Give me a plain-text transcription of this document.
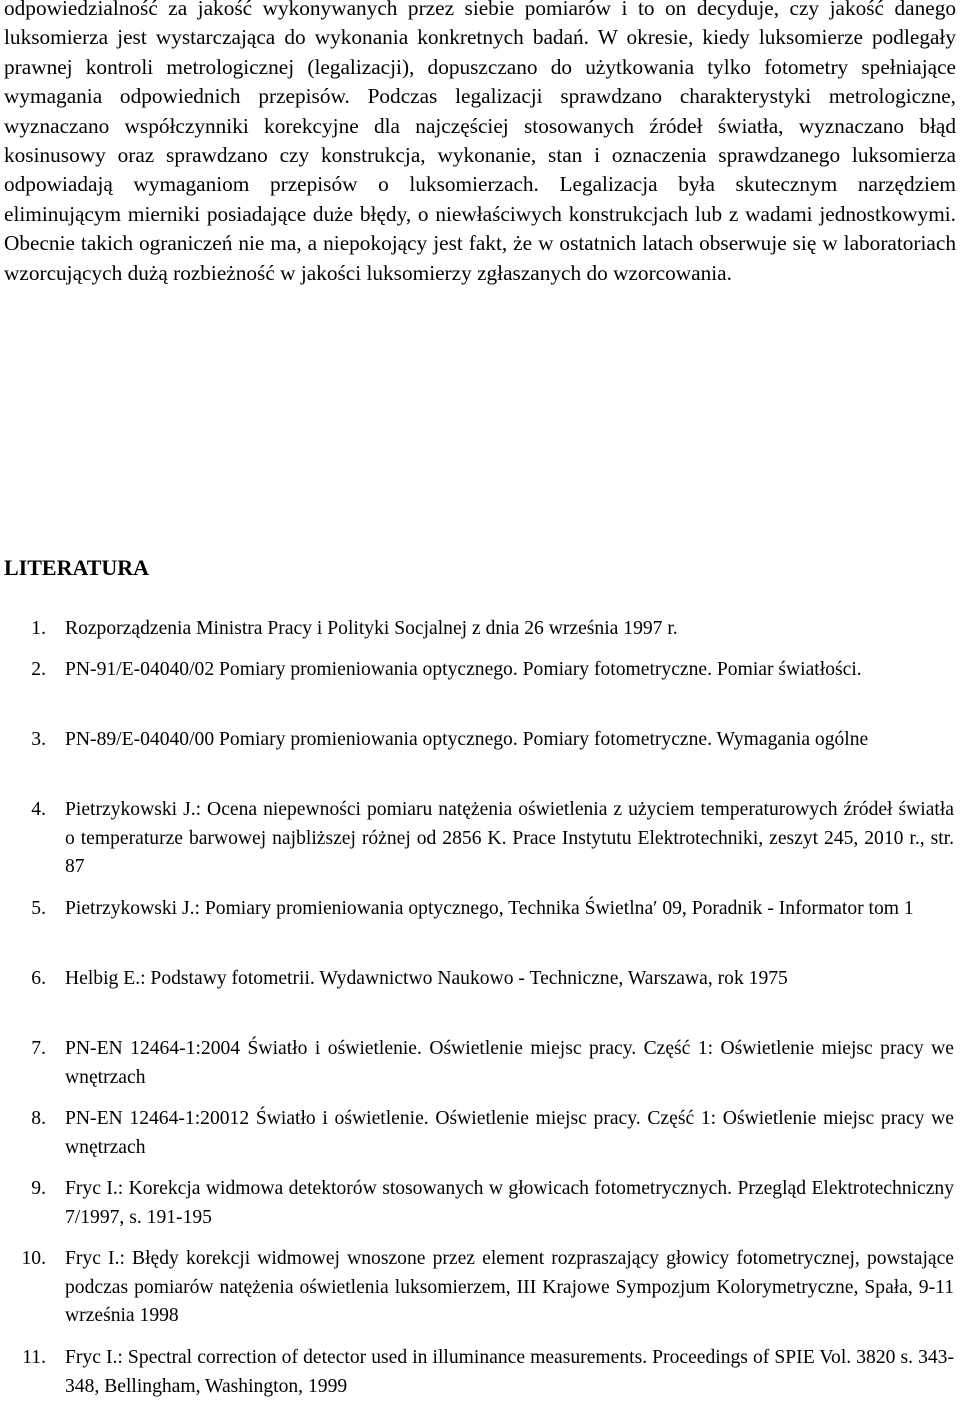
odpowiedzialność za jakość wykonywanych przez siebie pomiarów i to on decyduje, czy jakość danego luksomierza jest wystarczająca do wykonania konkretnych badań. W okresie, kiedy luksomierze podlegały prawnej kontroli metrologicznej (legalizacji), dopuszczano do użytkowania tylko fotometry spełniające wymagania odpowiednich przepisów. Podczas legalizacji sprawdzano charakterystyki metrologiczne, wyznaczano współczynniki korekcyjne dla najczęściej stosowanych źródeł światła, wyznaczano błąd kosinusowy oraz sprawdzano czy konstrukcja, wykonanie, stan i oznaczenia sprawdzanego luksomierza odpowiadają wymaganiom przepisów o luksomierzach. Legalizacja była skutecznym narzędziem eliminującym mierniki posiadające duże błędy, o niewłaściwych konstrukcjach lub z wadami jednostkowymi. Obecnie takich ograniczeń nie ma, a niepokojący jest fakt, że w ostatnich latach obserwuje się w laboratoriach wzorcujących dużą rozbieżność w jakości luksomierzy zgłaszanych do wzorcowania.

LITERATURA
1. Rozporządzenia Ministra Pracy i Polityki Socjalnej z dnia 26 września 1997 r.
2. PN-91/E-04040/02 Pomiary promieniowania optycznego. Pomiary fotometryczne. Pomiar światłości.
3. PN-89/E-04040/00 Pomiary promieniowania optycznego. Pomiary fotometryczne. Wymagania ogólne
4. Pietrzykowski J.: Ocena niepewności pomiaru natężenia oświetlenia z użyciem temperaturowych źródeł światła o temperaturze barwowej najbliższej różnej od 2856 K. Prace Instytutu Elektrotechniki, zeszyt 245, 2010 r., str. 87
5. Pietrzykowski J.: Pomiary promieniowania optycznego, Technika Świetlna′ 09, Poradnik - Informator tom 1
6. Helbig E.: Podstawy fotometrii. Wydawnictwo Naukowo - Techniczne, Warszawa, rok 1975
7. PN-EN 12464-1:2004 Światło i oświetlenie. Oświetlenie miejsc pracy. Część 1: Oświetlenie miejsc pracy we wnętrzach
8. PN-EN 12464-1:20012 Światło i oświetlenie. Oświetlenie miejsc pracy. Część 1: Oświetlenie miejsc pracy we wnętrzach
9. Fryc I.: Korekcja widmowa detektorów stosowanych w głowicach fotometrycznych. Przegląd Elektrotechniczny 7/1997, s. 191-195
10. Fryc I.: Błędy korekcji widmowej wnoszone przez element rozpraszający głowicy fotometrycznej, powstające podczas pomiarów natężenia oświetlenia luksomierzem, III Krajowe Sympozjum Kolorymetryczne, Spała, 9-11 września 1998
11. Fryc I.: Spectral correction of detector used in illuminance measurements. Proceedings of SPIE Vol. 3820 s. 343-348, Bellingham, Washington, 1999
